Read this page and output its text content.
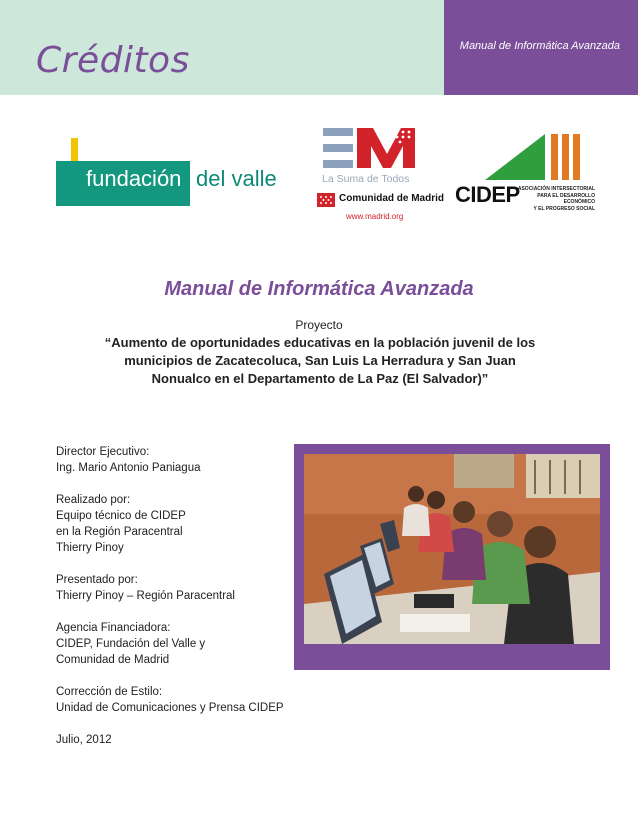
Créditos	Manual de Informática Avanzada
fundación del valle	La Suma de Todos
Comunidad de Madrid
www.madrid.org
CIDEP
ASOCIACIÓN INTERSECTORIAL
PARA EL DESARROLLO ECONÓMICO
Y EL PROGRESO SOCIAL
Manual de Informática Avanzada
Proyecto
“Aumento de oportunidades educativas en la población juvenil de los municipios de Zacatecoluca, San Luis La Herradura y San Juan Nonualco en el Departamento de La Paz (El Salvador)”
Director Ejecutivo:
Ing. Mario Antonio Paniagua
Realizado por:
Equipo técnico de CIDEP
en la Región Paracentral
Thierry Pinoy
Presentado por:
Thierry Pinoy – Región Paracentral
Agencia Financiadora:
CIDEP, Fundación del Valle y
Comunidad de Madrid
Corrección de Estilo:
Unidad de Comunicaciones y Prensa CIDEP
Julio, 2012
